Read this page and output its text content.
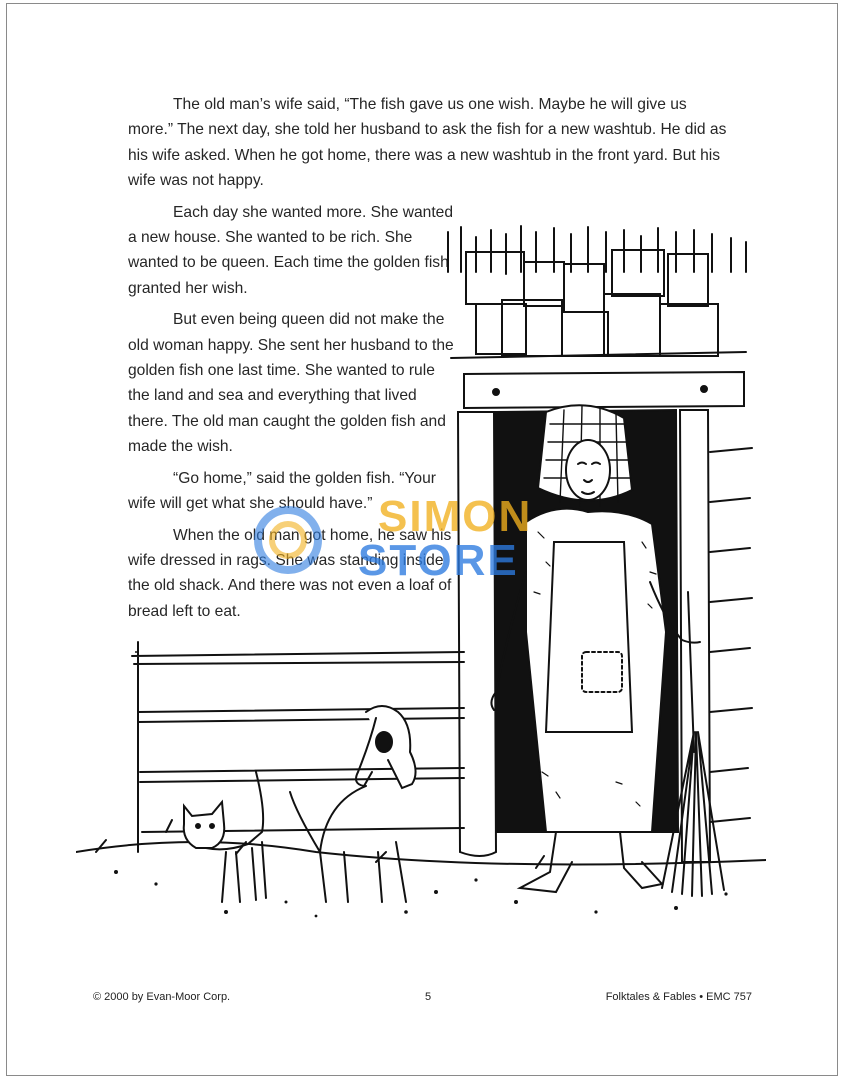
The old man’s wife said, “The fish gave us one wish. Maybe he will give us more.” The next day, she told her husband to ask the fish for a new washtub. He did as his wife asked. When he got home, there was a new washtub in the front yard. But his wife was not happy.

Each day she wanted more. She wanted a new house. She wanted to be rich. She wanted to be queen. Each time the golden fish granted her wish.

But even being queen did not make the old woman happy. She sent her husband to the golden fish one last time. She wanted to rule the land and sea and everything that lived there. The old man caught the golden fish and made the wish.

“Go home,” said the golden fish. “Your wife will get what she should have.”

When the old man got home, he saw his wife dressed in rags. She was standing inside the old shack. And there was not even a loaf of bread left to eat.

SIMON
STORE
© 2000 by Evan-Moor Corp.	5	Folktales & Fables • EMC 757
